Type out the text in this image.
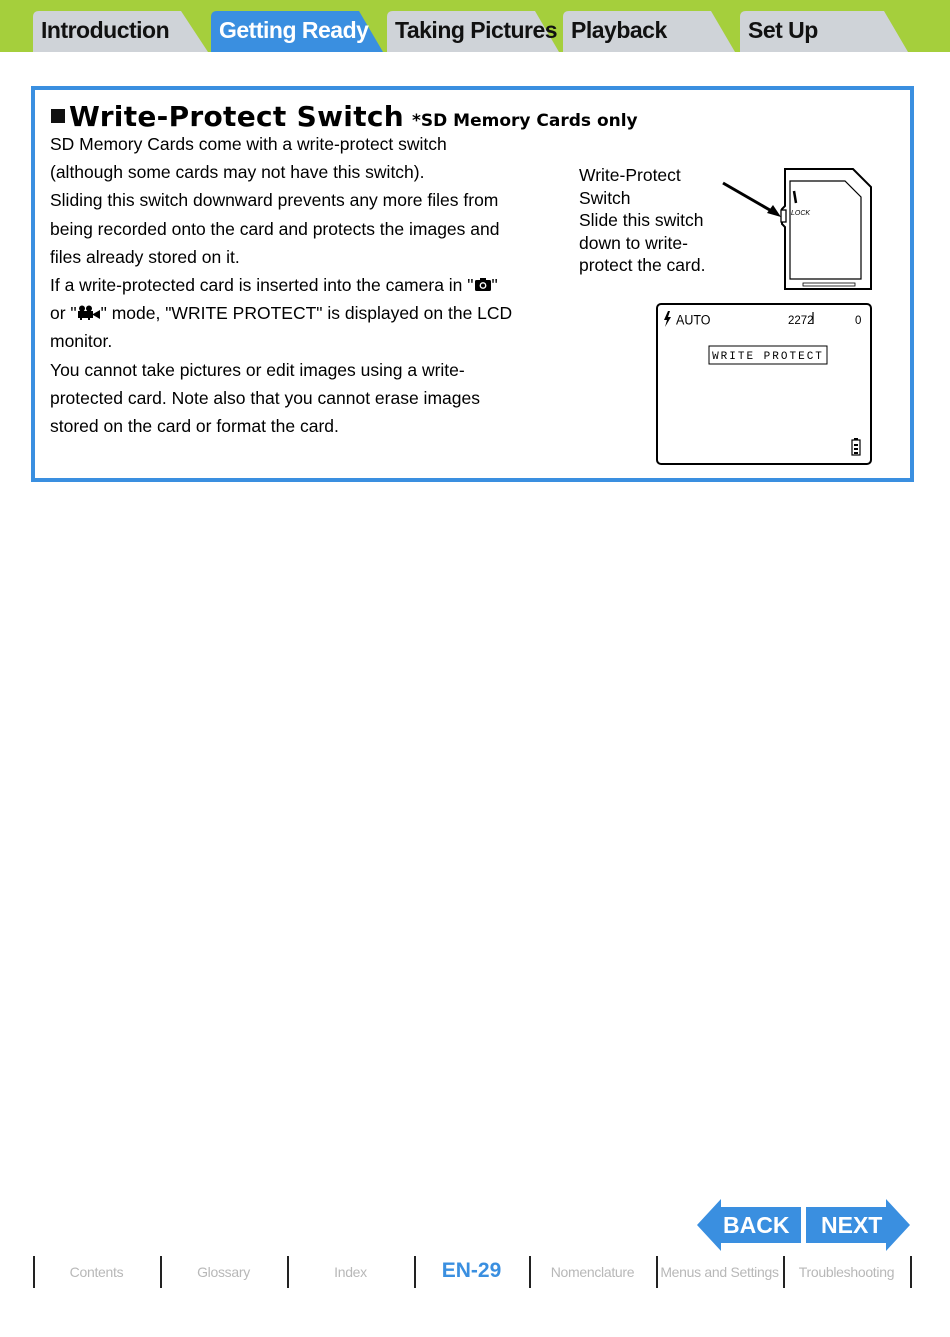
Introduction	Getting Ready	Taking Pictures Playback	Set Up
Write-Protect Switch *SD Memory Cards only

SD Memory Cards come with a write-protect switch

(although some cards may not have this switch).

Sliding this switch downward prevents any more files from

being recorded onto the card and protects the images and

files already stored on it.

If a write-protected card is inserted into the camera in " "

or " " mode, "WRITE PROTECT" is displayed on the LCD

monitor.

You cannot take pictures or edit images using a write-

protected card. Note also that you cannot erase images

stored on the card or format the card.

Write-Protect
Switch
Slide this switch
down to write-
protect the card.
LOCK
AUTO	2272	0
WRITE PROTECT
BACK NEXT
Contents	Glossary	Index	EN-29	Nomenclature	Menus and Settings	Troubleshooting
